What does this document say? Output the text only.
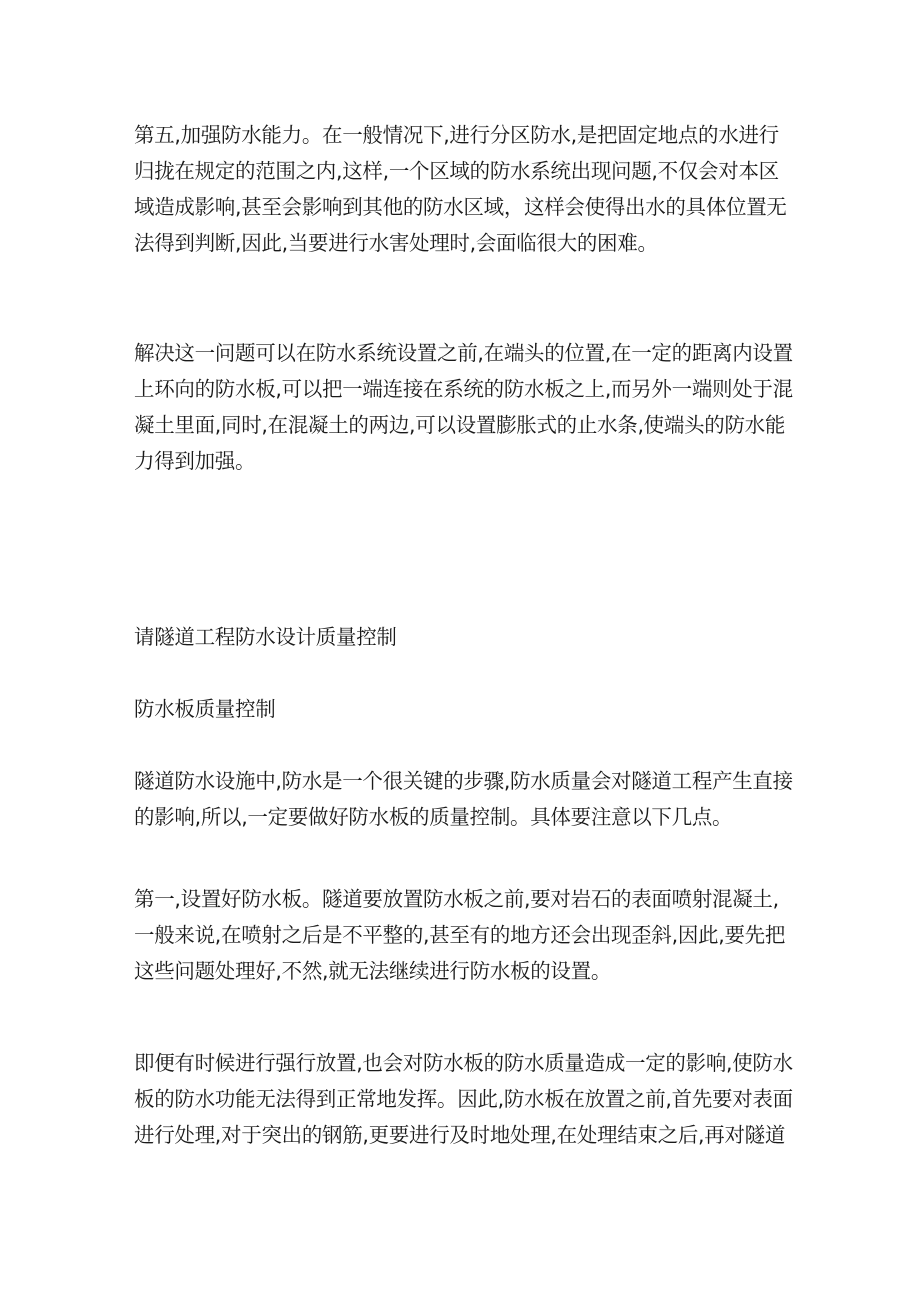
第五,加强防水能力。在一般情况下,进行分区防水,是把固定地点的水进行
归拢在规定的范围之内,这样,一个区域的防水系统出现问题,不仅会对本区
域造成影响,甚至会影响到其他的防水区域，这样会使得出水的具体位置无
法得到判断,因此,当要进行水害处理时,会面临很大的困难。

解决这一问题可以在防水系统设置之前,在端头的位置,在一定的距离内设置
上环向的防水板,可以把一端连接在系统的防水板之上,而另外一端则处于混
凝土里面,同时,在混凝土的两边,可以设置膨胀式的止水条,使端头的防水能
力得到加强。

请隧道工程防水设计质量控制

防水板质量控制

隧道防水设施中,防水是一个很关键的步骤,防水质量会对隧道工程产生直接
的影响,所以,一定要做好防水板的质量控制。具体要注意以下几点。

第一,设置好防水板。隧道要放置防水板之前,要对岩石的表面喷射混凝土,
一般来说,在喷射之后是不平整的,甚至有的地方还会出现歪斜,因此,要先把
这些问题处理好,不然,就无法继续进行防水板的设置。

即便有时候进行强行放置,也会对防水板的防水质量造成一定的影响,使防水
板的防水功能无法得到正常地发挥。因此,防水板在放置之前,首先要对表面
进行处理,对于突出的钢筋,更要进行及时地处理,在处理结束之后,再对隧道
